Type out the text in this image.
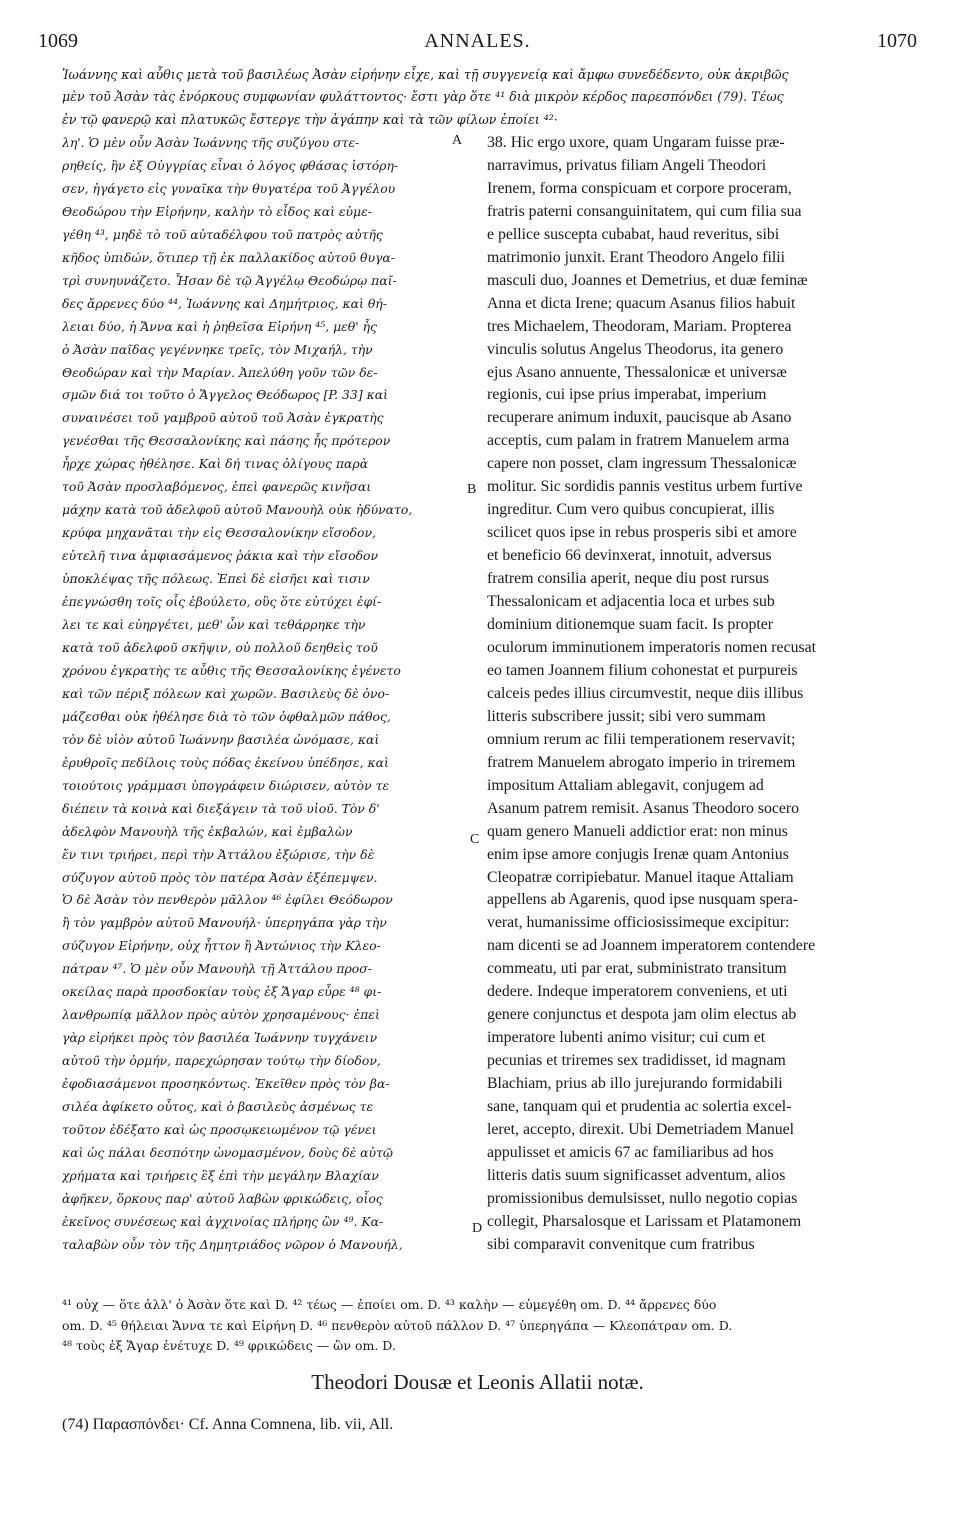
1069	ANNALES.	1070

Ἰωάννης καὶ αὖθις μετὰ τοῦ βασιλέως Ἀσὰν εἰρήνην εἶχε, καὶ τῇ συγγενείᾳ καὶ ἄμφω συνεδέδεντο, οὐκ ἀκριβῶς

μὲν τοῦ Ἀσὰν τὰς ἐνόρκους συμφωνίαν φυλάττοντος· ἔστι γὰρ ὅτε ⁴¹ διὰ μικρὸν κέρδος παρεσπόνδει (79). Τέως

ἐν τῷ φανερῷ καὶ πλατυκῶς ἔστεργε τὴν ἀγάπην καὶ τὰ τῶν φίλων ἐποίει ⁴²·

λη'. Ὁ μὲν οὖν Ἀσὰν Ἰωάννης τῆς συζύγου στε-

ρηθείς, ἣν ἐξ Οὐγγρίας εἶναι ὁ λόγος φθάσας ἱστόρη-

σεν, ἠγάγετο εἰς γυναῖκα τὴν θυγατέρα τοῦ Ἀγγέλου

Θεοδώρου τὴν Εἰρήνην, καλὴν τὸ εἶδος καὶ εὐμε-

γέθη ⁴³, μηδὲ τὸ τοῦ αὐταδέλφου τοῦ πατρὸς αὐτῆς

κῆδος ὑπιδών, ὅτιπερ τῇ ἐκ παλλακίδος αὐτοῦ θυγα-

τρὶ συνηυνάζετο. Ἦσαν δὲ τῷ Ἀγγέλῳ Θεοδώρῳ παῖ-

δες ἄρρενες δύο ⁴⁴, Ἰωάννης καὶ Δημήτριος, καὶ θή-

λειαι δύο, ἡ Ἄννα καὶ ἡ ῥηθεῖσα Εἰρήνη ⁴⁵, μεθ' ἧς

ὁ Ἀσὰν παῖδας γεγέννηκε τρεῖς, τὸν Μιχαήλ, τὴν

Θεοδώραν καὶ τὴν Μαρίαν. Ἀπελύθη γοῦν τῶν δε-

σμῶν διά τοι τοῦτο ὁ Ἄγγελος Θεόδωρος [P. 33] καὶ

συναινέσει τοῦ γαμβροῦ αὐτοῦ τοῦ Ἀσὰν ἐγκρατὴς

γενέσθαι τῆς Θεσσαλονίκης καὶ πάσης ἧς πρότερον

ἦρχε χώρας ἠθέλησε. Καὶ δή τινας ὀλίγους παρὰ

τοῦ Ἀσὰν προσλαβόμενος, ἐπεὶ φανερῶς κινῆσαι

μάχην κατὰ τοῦ ἀδελφοῦ αὐτοῦ Μανουὴλ οὐκ ἠδύνατο,

κρύφα μηχανᾶται τὴν εἰς Θεσσαλονίκην εἴσοδον,

εὐτελῆ τινα ἀμφιασάμενος ῥάκια καὶ τὴν εἴσοδον

ὑποκλέψας τῆς πόλεως. Ἐπεὶ δὲ εἰσῆει καὶ τισιν

ἐπεγνώσθη τοῖς οἷς ἐβούλετο, οὓς ὅτε εὐτύχει ἐφί-

λει τε καὶ εὐηργέτει, μεθ' ὧν καὶ τεθάρρηκε τὴν

κατὰ τοῦ ἀδελφοῦ σκῆψιν, οὐ πολλοῦ δεηθεὶς τοῦ

χρόνου ἐγκρατὴς τε αὖθις τῆς Θεσσαλονίκης ἐγένετο

καὶ τῶν πέριξ πόλεων καὶ χωρῶν. Βασιλεὺς δὲ ὀνο-

μάζεσθαι οὐκ ἠθέλησε διὰ τὸ τῶν ὀφθαλμῶν πάθος,

τὸν δὲ υἱὸν αὐτοῦ Ἰωάννην βασιλέα ὠνόμασε, καὶ

ἐρυθροῖς πεδίλοις τοὺς πόδας ἐκείνου ὑπέδησε, καὶ

τοιούτοις γράμμασι ὑπογράφειν διώρισεν, αὐτὸν τε

διέπειν τὰ κοινὰ καὶ διεξάγειν τὰ τοῦ υἱοῦ. Τὸν δ'

ἀδελφὸν Μανουὴλ τῆς ἐκβαλών, καὶ ἐμβαλὼν

ἔν τινι τριήρει, περὶ τὴν Ἀττάλου ἐξώρισε, τὴν δὲ

σύζυγον αὐτοῦ πρὸς τὸν πατέρα Ἀσὰν ἐξέπεμψεν.

Ὁ δὲ Ἀσὰν τὸν πενθερὸν μᾶλλον ⁴⁶ ἐφίλει Θεόδωρον

ἢ τὸν γαμβρὸν αὐτοῦ Μανουήλ· ὑπερηγάπα γὰρ τὴν

σύζυγον Εἰρήνην, οὐχ ἧττον ἢ Ἀντώνιος τὴν Κλεο-

πάτραν ⁴⁷. Ὁ μὲν οὖν Μανουὴλ τῇ Ἀττάλου προσ-

οκείλας παρὰ προσδοκίαν τοὺς ἐξ Ἄγαρ εὗρε ⁴⁸ φι-

λανθρωπίᾳ μᾶλλον πρὸς αὐτὸν χρησαμένους· ἐπεὶ

γὰρ εἰρήκει πρὸς τὸν βασιλέα Ἰωάννην τυγχάνειν

αὐτοῦ τὴν ὁρμήν, παρεχώρησαν τούτῳ τὴν δίοδον,

ἐφοδιασάμενοι προσηκόντως. Ἐκεῖθεν πρὸς τὸν βα-

σιλέα ἀφίκετο οὗτος, καὶ ὁ βασιλεὺς ἀσμένως τε

τοῦτον ἐδέξατο καὶ ὡς προσῳκειωμένον τῷ γένει

καὶ ὡς πάλαι δεσπότην ὠνομασμένον, δοὺς δὲ αὐτῷ

χρήματα καὶ τριήρεις ἓξ ἐπὶ τὴν μεγάλην Βλαχίαν

ἀφῆκεν, ὅρκους παρ' αὐτοῦ λαβὼν φρικώδεις, οἷος

ἐκεῖνος συνέσεως καὶ ἀγχινοίας πλήρης ὢν ⁴⁹. Κα-

ταλαβὼν οὖν τὸν τῆς Δημητριάδος νῶρον ὁ Μανουήλ,

38. Hic ergo uxore, quam Ungaram fuisse præ-

narravimus, privatus filiam Angeli Theodori

Irenem, forma conspicuam et corpore proceram,

fratris paterni consanguinitatem, qui cum filia sua

e pellice suscepta cubabat, haud reveritus, sibi

matrimonio junxit. Erant Theodoro Angelo filii

masculi duo, Joannes et Demetrius, et duæ feminæ

Anna et dicta Irene; quacum Asanus filios habuit

tres Michaelem, Theodoram, Mariam. Propterea

vinculis solutus Angelus Theodorus, ita genero

ejus Asano annuente, Thessalonicæ et universæ

regionis, cui ipse prius imperabat, imperium

recuperare animum induxit, paucisque ab Asano

acceptis, cum palam in fratrem Manuelem arma

capere non posset, clam ingressum Thessalonicæ

molitur. Sic sordidis pannis vestitus urbem furtive

ingreditur. Cum vero quibus concupierat, illis

scilicet quos ipse in rebus prosperis sibi et amore

et beneficio 66 devinxerat, innotuit, adversus

fratrem consilia aperit, neque diu post rursus

Thessalonicam et adjacentia loca et urbes sub

dominium ditionemque suam facit. Is propter

oculorum imminutionem imperatoris nomen recusat

eo tamen Joannem filium cohonestat et purpureis

calceis pedes illius circumvestit, neque diis illibus

litteris subscribere jussit; sibi vero summam

omnium rerum ac filii temperationem reservavit;

fratrem Manuelem abrogato imperio in triremem

impositum Attaliam ablegavit, conjugem ad

Asanum patrem remisit. Asanus Theodoro socero

quam genero Manueli addictior erat: non minus

enim ipse amore conjugis Irenæ quam Antonius

Cleopatræ corripiebatur. Manuel itaque Attaliam

appellens ab Agarenis, quod ipse nusquam spera-

verat, humanissime officiosissimeque excipitur:

nam dicenti se ad Joannem imperatorem contendere

commeatu, uti par erat, subministrato transitum

dedere. Indeque imperatorem conveniens, et uti

genere conjunctus et despota jam olim electus ab

imperatore lubenti animo visitur; cui cum et

pecunias et triremes sex tradidisset, id magnam

Blachiam, prius ab illo jurejurando formidabili

sane, tanquam qui et prudentia ac solertia excel-

leret, accepto, direxit. Ubi Demetriadem Manuel

appulisset et amicis 67 ac familiaribus ad hos

litteris datis suum significasset adventum, alios

promissionibus demulsisset, nullo negotio copias

collegit, Pharsalosque et Larissam et Platamonem

sibi comparavit convenitque cum fratribus

A
B
C
D

⁴¹ οὐχ — ὅτε ἀλλ' ὁ Ἀσὰν ὅτε καὶ D. ⁴² τέως — ἐποίει om. D. ⁴³ καλὴν — εὐμεγέθη om. D. ⁴⁴ ἄρρενες δύο

om. D. ⁴⁵ θήλειαι Ἄννα τε καὶ Εἰρήνη D. ⁴⁶ πενθερὸν αὐτοῦ πάλλον D. ⁴⁷ ὑπερηγάπα — Κλεοπάτραν om. D.

⁴⁸ τοὺς ἐξ Ἄγαρ ἐνέτυχε D. ⁴⁹ φρικώδεις — ὢν om. D.

Theodori Dousæ et Leonis Allatii notæ.
(74) Παρασπόνδει· Cf. Anna Comnena, lib. vii, All.
